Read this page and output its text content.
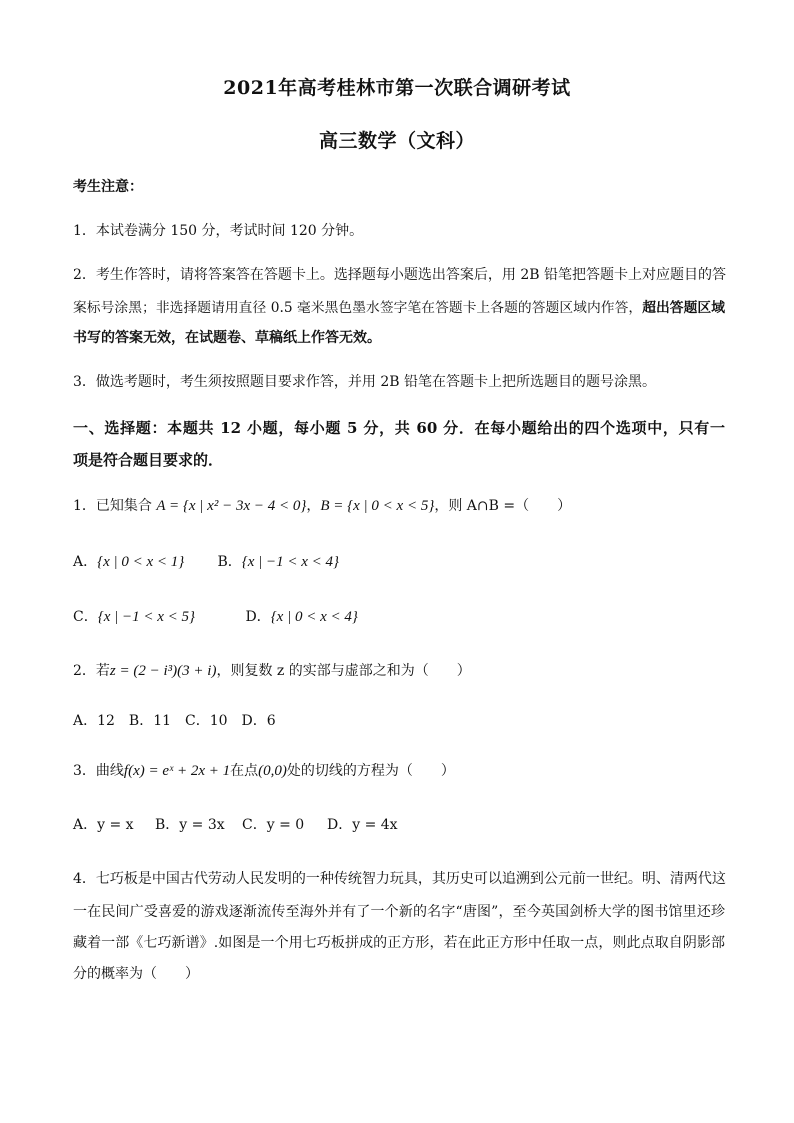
2021年高考桂林市第一次联合调研考试
高三数学（文科）
考生注意：
1．本试卷满分 150 分，考试时间 120 分钟。
2．考生作答时，请将答案答在答题卡上。选择题每小题选出答案后，用 2B 铅笔把答题卡上对应题目的答
案标号涂黑；非选择题请用直径 0.5 毫米黑色墨水签字笔在答题卡上各题的答题区域内作答，超出答题区域
书写的答案无效，在试题卷、草稿纸上作答无效。
3．做选考题时，考生须按照题目要求作答，并用 2B 铅笔在答题卡上把所选题目的题号涂黑。
一、选择题：本题共 12 小题，每小题 5 分，共 60 分．在每小题给出的四个选项中，只有一
项是符合题目要求的．
1．已知集合 A = {x | x² − 3x − 4 < 0}，B = {x | 0 < x < 5}，则 A∩B =（　　）
A．{x | 0 < x < 1} B．{x | −1 < x < 4}
C．{x | −1 < x < 5}	D．{x | 0 < x < 4}
2．若z = (2 − i³)(3 + i)，则复数 z 的实部与虚部之和为（　　）
A．12　B．11　C．10　D．6
3．曲线f(x) = eˣ + 2x + 1在点(0,0)处的切线的方程为（　　）
A．y = x B．y = 3x C．y = 0 D．y = 4x
4．七巧板是中国古代劳动人民发明的一种传统智力玩具，其历史可以追溯到公元前一世纪。明、清两代这
一在民间广受喜爱的游戏逐渐流传至海外并有了一个新的名字“唐图”，至今英国剑桥大学的图书馆里还珍
藏着一部《七巧新谱》.如图是一个用七巧板拼成的正方形，若在此正方形中任取一点，则此点取自阴影部
分的概率为（　　）
